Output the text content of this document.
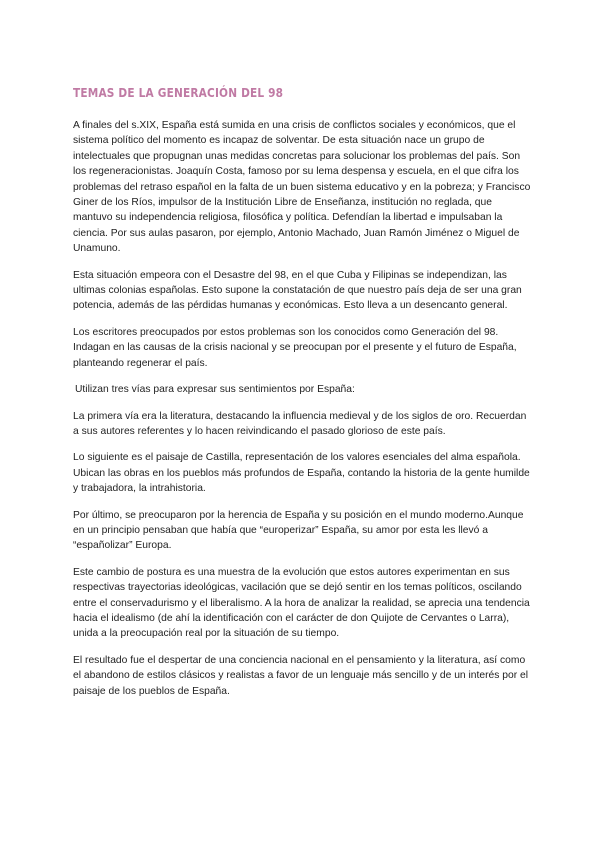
TEMAS DE LA GENERACIÓN DEL 98

A finales del s.XIX, España está sumida en una crisis de conflictos sociales y económicos, que el sistema político del momento es incapaz de solventar. De esta situación nace un grupo de intelectuales que propugnan unas medidas concretas para solucionar los problemas del país. Son los regeneracionistas. Joaquín Costa, famoso por su lema despensa y escuela, en el que cifra los problemas del retraso español en la falta de un buen sistema educativo y en la pobreza; y Francisco Giner de los Ríos, impulsor de la Institución Libre de Enseñanza, institución no reglada, que mantuvo su independencia religiosa, filosófica y política. Defendían la libertad e impulsaban la ciencia. Por sus aulas pasaron, por ejemplo, Antonio Machado, Juan Ramón Jiménez o Miguel de Unamuno.

Esta situación empeora con el Desastre del 98, en el que Cuba y Filipinas se independizan, las ultimas colonias españolas. Esto supone la constatación de que nuestro país deja de ser una gran potencia, además de las pérdidas humanas y económicas. Esto lleva a un desencanto general.

Los escritores preocupados por estos problemas son los conocidos como Generación del 98. Indagan en las causas de la crisis nacional y se preocupan por el presente y el futuro de España, planteando regenerar el país.

Utilizan tres vías para expresar sus sentimientos por España:

La primera vía era la literatura, destacando la influencia medieval y de los siglos de oro. Recuerdan a sus autores referentes y lo hacen reivindicando el pasado glorioso de este país.

Lo siguiente es el paisaje de Castilla, representación de los valores esenciales del alma española. Ubican las obras en los pueblos más profundos de España, contando la historia de la gente humilde y trabajadora, la intrahistoria.

Por último, se preocuparon por la herencia de España y su posición en el mundo moderno.Aunque en un principio pensaban que había que “europerizar” España, su amor por esta les llevó a “españolizar” Europa.

Este cambio de postura es una muestra de la evolución que estos autores experimentan en sus respectivas trayectorias ideológicas, vacilación que se dejó sentir en los temas políticos, oscilando entre el conservadurismo y el liberalismo. A la hora de analizar la realidad, se aprecia una tendencia hacia el idealismo (de ahí la identificación con el carácter de don Quijote de Cervantes o Larra), unida a la preocupación real por la situación de su tiempo.

El resultado fue el despertar de una conciencia nacional en el pensamiento y la literatura, así como el abandono de estilos clásicos y realistas a favor de un lenguaje más sencillo y de un interés por el paisaje de los pueblos de España.
